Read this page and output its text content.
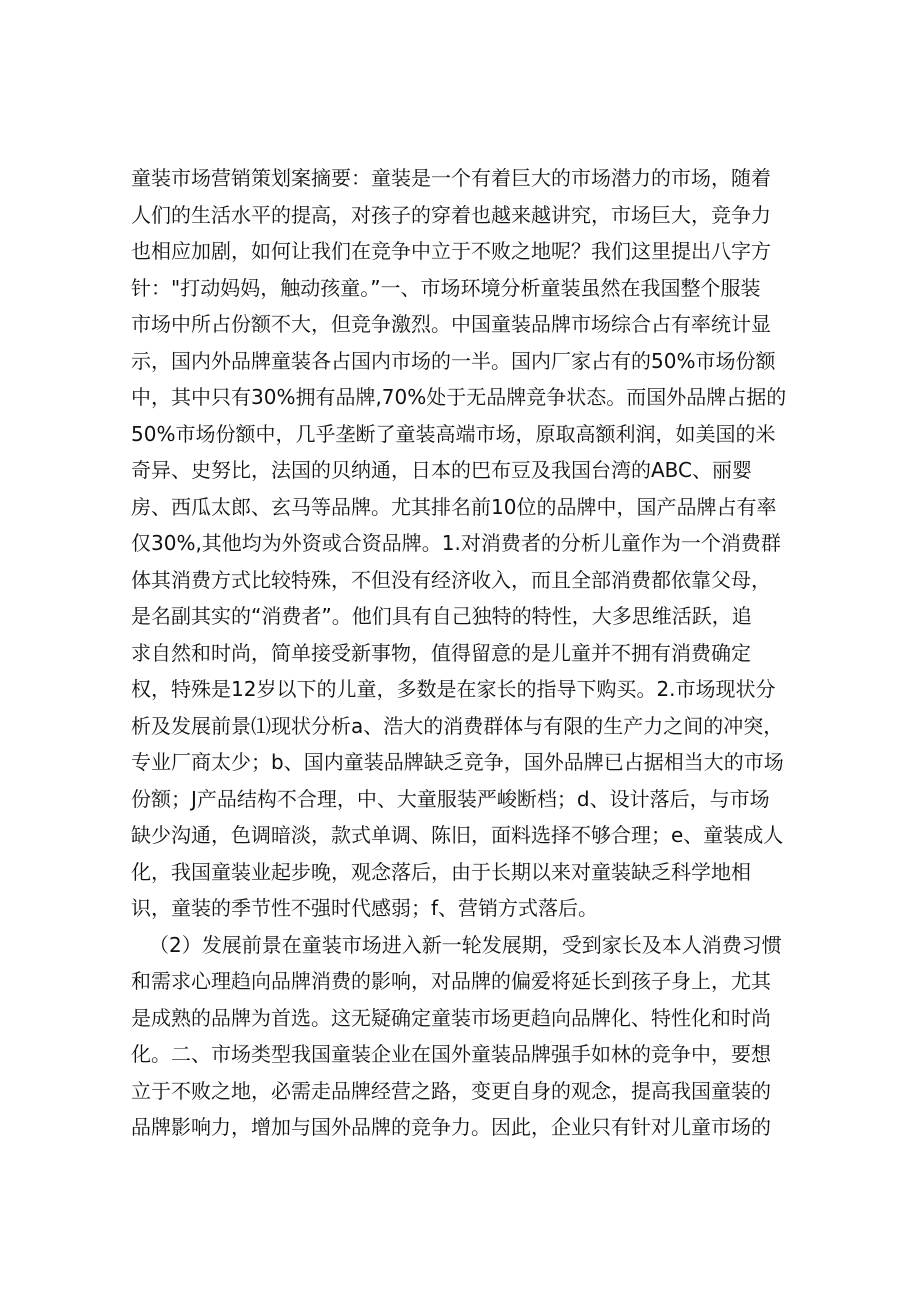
童装市场营销策划案摘要：童装是一个有着巨大的市场潜力的市场，随着
人们的生活水平的提高，对孩子的穿着也越来越讲究，市场巨大，竞争力
也相应加剧，如何让我们在竞争中立于不败之地呢？我们这里提出八字方
针："打动妈妈，触动孩童。”一、市场环境分析童装虽然在我国整个服装
市场中所占份额不大，但竞争激烈。中国童装品牌市场综合占有率统计显
示，国内外品牌童装各占国内市场的一半。国内厂家占有的50%市场份额
中，其中只有30%拥有品牌,70%处于无品牌竞争状态。而国外品牌占据的
50%市场份额中，几乎垄断了童装高端市场，原取高额利润，如美国的米
奇异、史努比，法国的贝纳通，日本的巴布豆及我国台湾的ABC、丽婴
房、西瓜太郎、玄马等品牌。尤其排名前10位的品牌中，国产品牌占有率
仅30%,其他均为外资或合资品牌。1.对消费者的分析儿童作为一个消费群
体其消费方式比较特殊，不但没有经济收入，而且全部消费都依靠父母，
是名副其实的“消费者”。他们具有自己独特的特性，大多思维活跃，追
求自然和时尚，简单接受新事物，值得留意的是儿童并不拥有消费确定
权，特殊是12岁以下的儿童，多数是在家长的指导下购买。2.市场现状分
析及发展前景⑴现状分析a、浩大的消费群体与有限的生产力之间的冲突，
专业厂商太少；b、国内童装品牌缺乏竞争，国外品牌已占据相当大的市场
份额；J产品结构不合理，中、大童服装严峻断档；d、设计落后，与市场
缺少沟通，色调暗淡，款式单调、陈旧，面料选择不够合理；e、童装成人
化，我国童装业起步晚，观念落后，由于长期以来对童装缺乏科学地相
识，童装的季节性不强时代感弱；f、营销方式落后。
（2）发展前景在童装市场进入新一轮发展期，受到家长及本人消费习惯
和需求心理趋向品牌消费的影响，对品牌的偏爱将延长到孩子身上，尤其
是成熟的品牌为首选。这无疑确定童装市场更趋向品牌化、特性化和时尚
化。二、市场类型我国童装企业在国外童装品牌强手如林的竞争中，要想
立于不败之地，必需走品牌经营之路，变更自身的观念，提高我国童装的
品牌影响力，增加与国外品牌的竞争力。因此，企业只有针对儿童市场的
